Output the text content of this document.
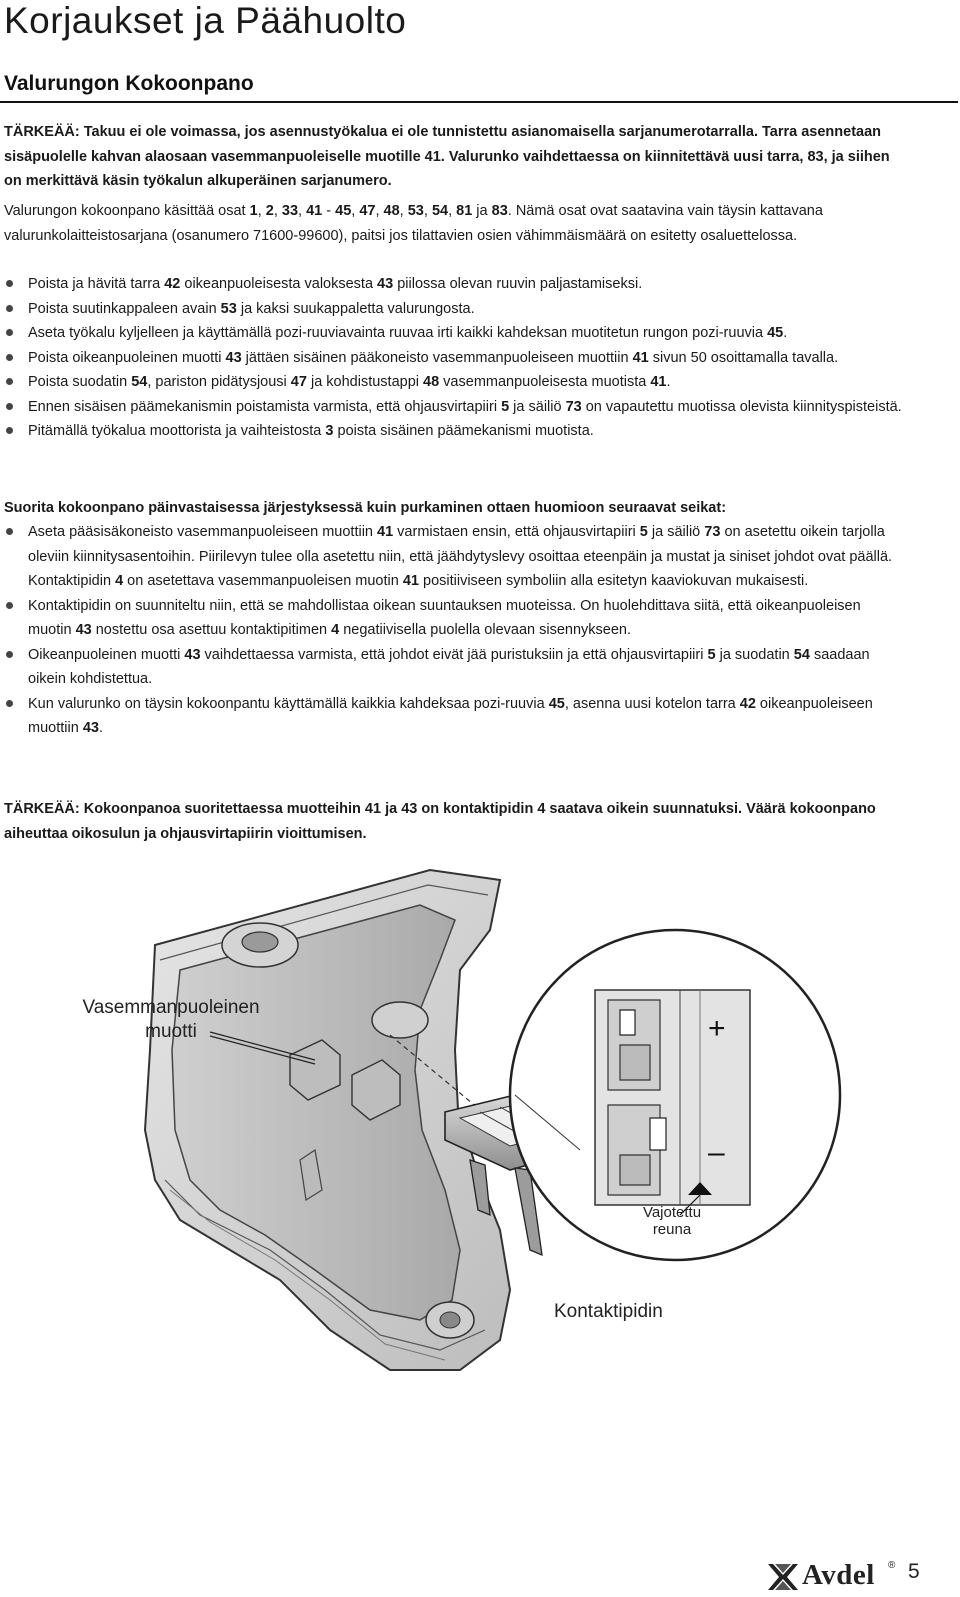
Korjaukset ja Päähuolto
Valurungon Kokoonpano

TÄRKEÄÄ: Takuu ei ole voimassa, jos asennustyökalua ei ole tunnistettu asianomaisella sarjanumerotarralla. Tarra asennetaan sisäpuolelle kahvan alaosaan vasemmanpuoleiselle muotille 41. Valurunko vaihdettaessa on kiinnitettävä uusi tarra, 83, ja siihen on merkittävä käsin työkalun alkuperäinen sarjanumero.

Valurungon kokoonpano käsittää osat 1, 2, 33, 41 - 45, 47, 48, 53, 54, 81 ja 83. Nämä osat ovat saatavina vain täysin kattavana valurunkolaitteistosarjana (osanumero 71600-99600), paitsi jos tilattavien osien vähimmäismäärä on esitetty osaluettelossa.

Poista ja hävitä tarra 42 oikeanpuoleisesta valoksesta 43 piilossa olevan ruuvin paljastamiseksi.
Poista suutinkappaleen avain 53 ja kaksi suukappaletta valurungosta.
Aseta työkalu kyljelleen ja käyttämällä pozi-ruuviavainta ruuvaa irti kaikki kahdeksan muotitetun rungon pozi-ruuvia 45.
Poista oikeanpuoleinen muotti 43 jättäen sisäinen pääkoneisto vasemmanpuoleiseen muottiin 41 sivun 50 osoittamalla tavalla.
Poista suodatin 54, pariston pidätysjousi 47 ja kohdistustappi 48 vasemmanpuoleisesta muotista 41.
Ennen sisäisen päämekanismin poistamista varmista, että ohjausvirtapiiri 5 ja säiliö 73 on vapautettu muotissa olevista kiinnityspisteistä.
Pitämällä työkalua moottorista ja vaihteistosta 3 poista sisäinen päämekanismi muotista.

Suorita kokoonpano päinvastaisessa järjestyksessä kuin purkaminen ottaen huomioon seuraavat seikat:

Aseta pääsisäkoneisto vasemmanpuoleiseen muottiin 41 varmistaen ensin, että ohjausvirtapiiri 5 ja säiliö 73 on asetettu oikein tarjolla oleviin kiinnitysasentoihin. Piirilevyn tulee olla asetettu niin, että jäähdytyslevy osoittaa eteenpäin ja mustat ja siniset johdot ovat päällä. Kontaktipidin 4 on asetettava vasemmanpuoleisen muotin 41 positiiviseen symboliin alla esitetyn kaaviokuvan mukaisesti.
Kontaktipidin on suunniteltu niin, että se mahdollistaa oikean suuntauksen muoteissa. On huolehdittava siitä, että oikeanpuoleisen muotin 43 nostettu osa asettuu kontaktipitimen 4 negatiivisella puolella olevaan sisennykseen.
Oikeanpuoleinen muotti 43 vaihdettaessa varmista, että johdot eivät jää puristuksiin ja että ohjausvirtapiiri 5 ja suodatin 54 saadaan oikein kohdistettua.
Kun valurunko on täysin kokoonpantu käyttämällä kaikkia kahdeksaa pozi-ruuvia 45, asenna uusi kotelon tarra 42 oikeanpuoleiseen muottiin 43.

TÄRKEÄÄ: Kokoonpanoa suoritettaessa muotteihin 41 ja 43 on kontaktipidin 4 saatava oikein suunnatuksi. Väärä kokoonpano aiheuttaa oikosulun ja ohjausvirtapiirin vioittumisen.

+
–
Vasemmanpuoleinen muotti
Vajotettu
reuna
Kontaktipidin
Avdel ® 5
